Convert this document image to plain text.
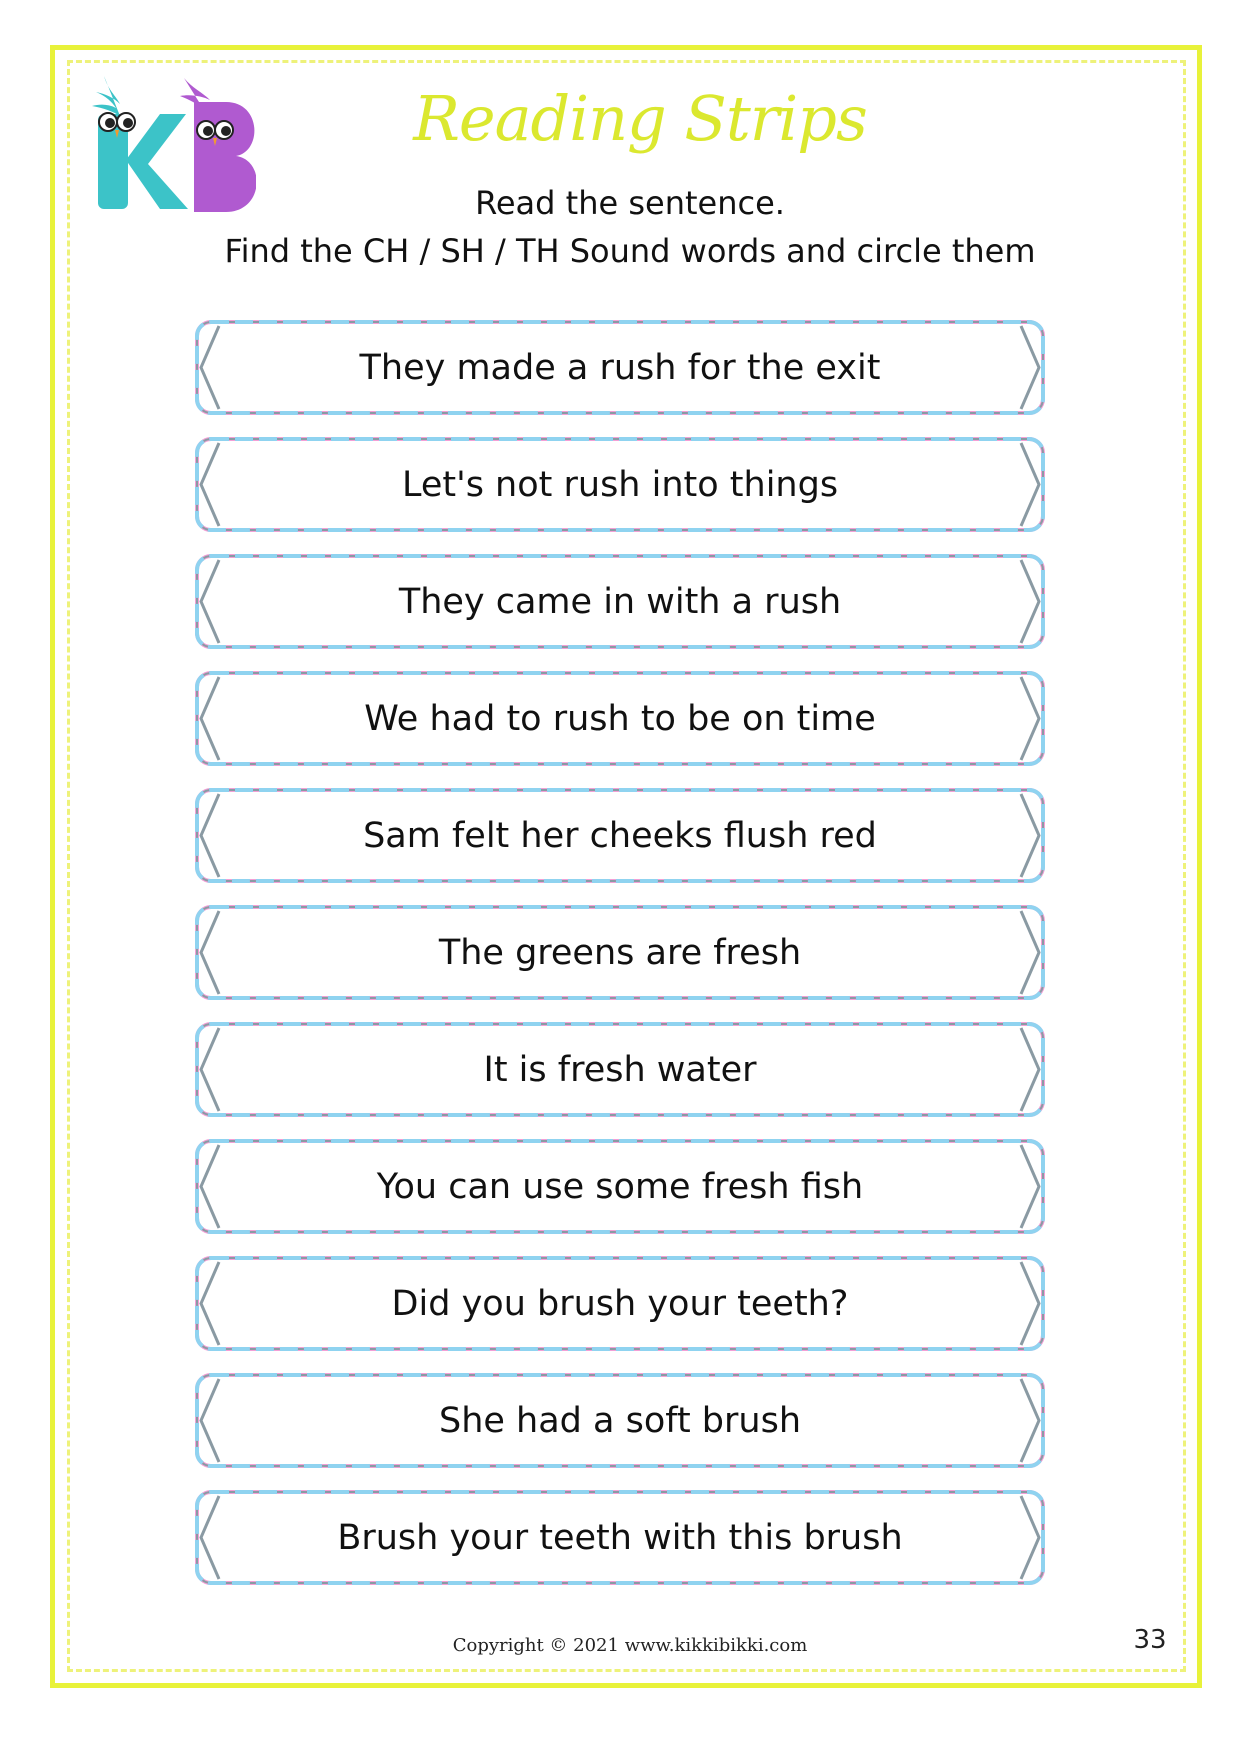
Reading Strips
Read the sentence.
Find the CH / SH / TH Sound words and circle them
They made a rush for the exit
Let's not rush into things
They came in with a rush
We had to rush to be on time
Sam felt her cheeks flush red
The greens are fresh
It is fresh water
You can use some fresh fish
Did you brush your teeth?
She had a soft brush
Brush your teeth with this brush
Copyright © 2021 www.kikkibikki.com	33
